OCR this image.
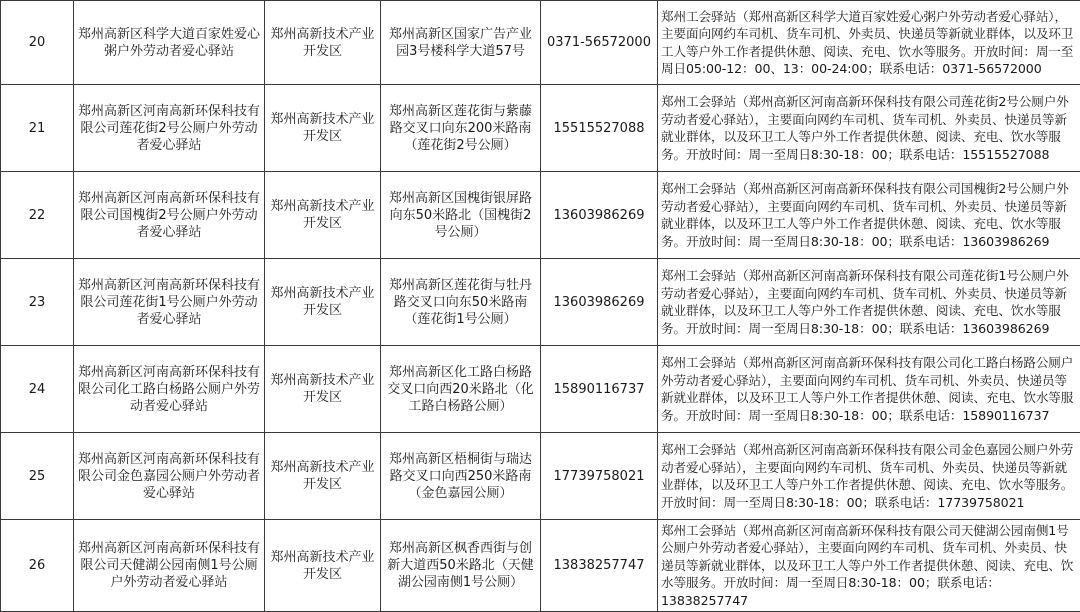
20	郑州高新区科学大道百家姓爱心粥户外劳动者爱心驿站	郑州高新技术产业开发区	郑州高新区国家广告产业园3号楼科学大道57号	0371-56572000	郑州工会驿站（郑州高新区科学大道百家姓爱心粥户外劳动者爱心驿站），主要面向网约车司机、货车司机、外卖员、快递员等新就业群体，以及环卫工人等户外工作者提供休憩、阅读、充电、饮水等服务。开放时间：周一至周日05:00-12：00、13：00-24:00；联系电话：0371-56572000
21	郑州高新区河南高新环保科技有限公司莲花街2号公厕户外劳动者爱心驿站	郑州高新技术产业开发区	郑州高新区莲花街与紫藤路交叉口向东200米路南（莲花街2号公厕）	15515527088	郑州工会驿站（郑州高新区河南高新环保科技有限公司莲花街2号公厕户外劳动者爱心驿站），主要面向网约车司机、货车司机、外卖员、快递员等新就业群体，以及环卫工人等户外工作者提供休憩、阅读、充电、饮水等服务。开放时间：周一至周日8:30-18：00；联系电话：15515527088
22	郑州高新区河南高新环保科技有限公司国槐街2号公厕户外劳动者爱心驿站	郑州高新技术产业开发区	郑州高新区国槐街银屏路向东50米路北（国槐街2号公厕）	13603986269	郑州工会驿站（郑州高新区河南高新环保科技有限公司国槐街2号公厕户外劳动者爱心驿站），主要面向网约车司机、货车司机、外卖员、快递员等新就业群体，以及环卫工人等户外工作者提供休憩、阅读、充电、饮水等服务。开放时间：周一至周日8:30-18：00；联系电话：13603986269
23	郑州高新区河南高新环保科技有限公司莲花街1号公厕户外劳动者爱心驿站	郑州高新技术产业开发区	郑州高新区莲花街与牡丹路交叉口向东50米路南（莲花街1号公厕）	13603986269	郑州工会驿站（郑州高新区河南高新环保科技有限公司莲花街1号公厕户外劳动者爱心驿站），主要面向网约车司机、货车司机、外卖员、快递员等新就业群体，以及环卫工人等户外工作者提供休憩、阅读、充电、饮水等服务。开放时间：周一至周日8:30-18：00；联系电话：13603986269
24	郑州高新区河南高新环保科技有限公司化工路白杨路公厕户外劳动者爱心驿站	郑州高新技术产业开发区	郑州高新区化工路白杨路交叉口向西20米路北（化工路白杨路公厕）	15890116737	郑州工会驿站（郑州高新区河南高新环保科技有限公司化工路白杨路公厕户外劳动者爱心驿站），主要面向网约车司机、货车司机、外卖员、快递员等新就业群体，以及环卫工人等户外工作者提供休憩、阅读、充电、饮水等服务。开放时间：周一至周日8:30-18：00；联系电话：15890116737
25	郑州高新区河南高新环保科技有限公司金色嘉园公厕户外劳动者爱心驿站	郑州高新技术产业开发区	郑州高新区梧桐街与瑞达路交叉口向西250米路南（金色嘉园公厕）	17739758021	郑州工会驿站（郑州高新区河南高新环保科技有限公司金色嘉园公厕户外劳动者爱心驿站），主要面向网约车司机、货车司机、外卖员、快递员等新就业群体，以及环卫工人等户外工作者提供休憩、阅读、充电、饮水等服务。开放时间：周一至周日8:30-18：00；联系电话：17739758021
26	郑州高新区河南高新环保科技有限公司天健湖公园南侧1号公厕户外劳动者爱心驿站	郑州高新技术产业开发区	郑州高新区枫香西街与创新大道西50米路北（天健湖公园南侧1号公厕）	13838257747	郑州工会驿站（郑州高新区河南高新环保科技有限公司天健湖公园南侧1号公厕户外劳动者爱心驿站），主要面向网约车司机、货车司机、外卖员、快递员等新就业群体，以及环卫工人等户外工作者提供休憩、阅读、充电、饮水等服务。开放时间：周一至周日8:30-18：00；联系电话：13838257747
